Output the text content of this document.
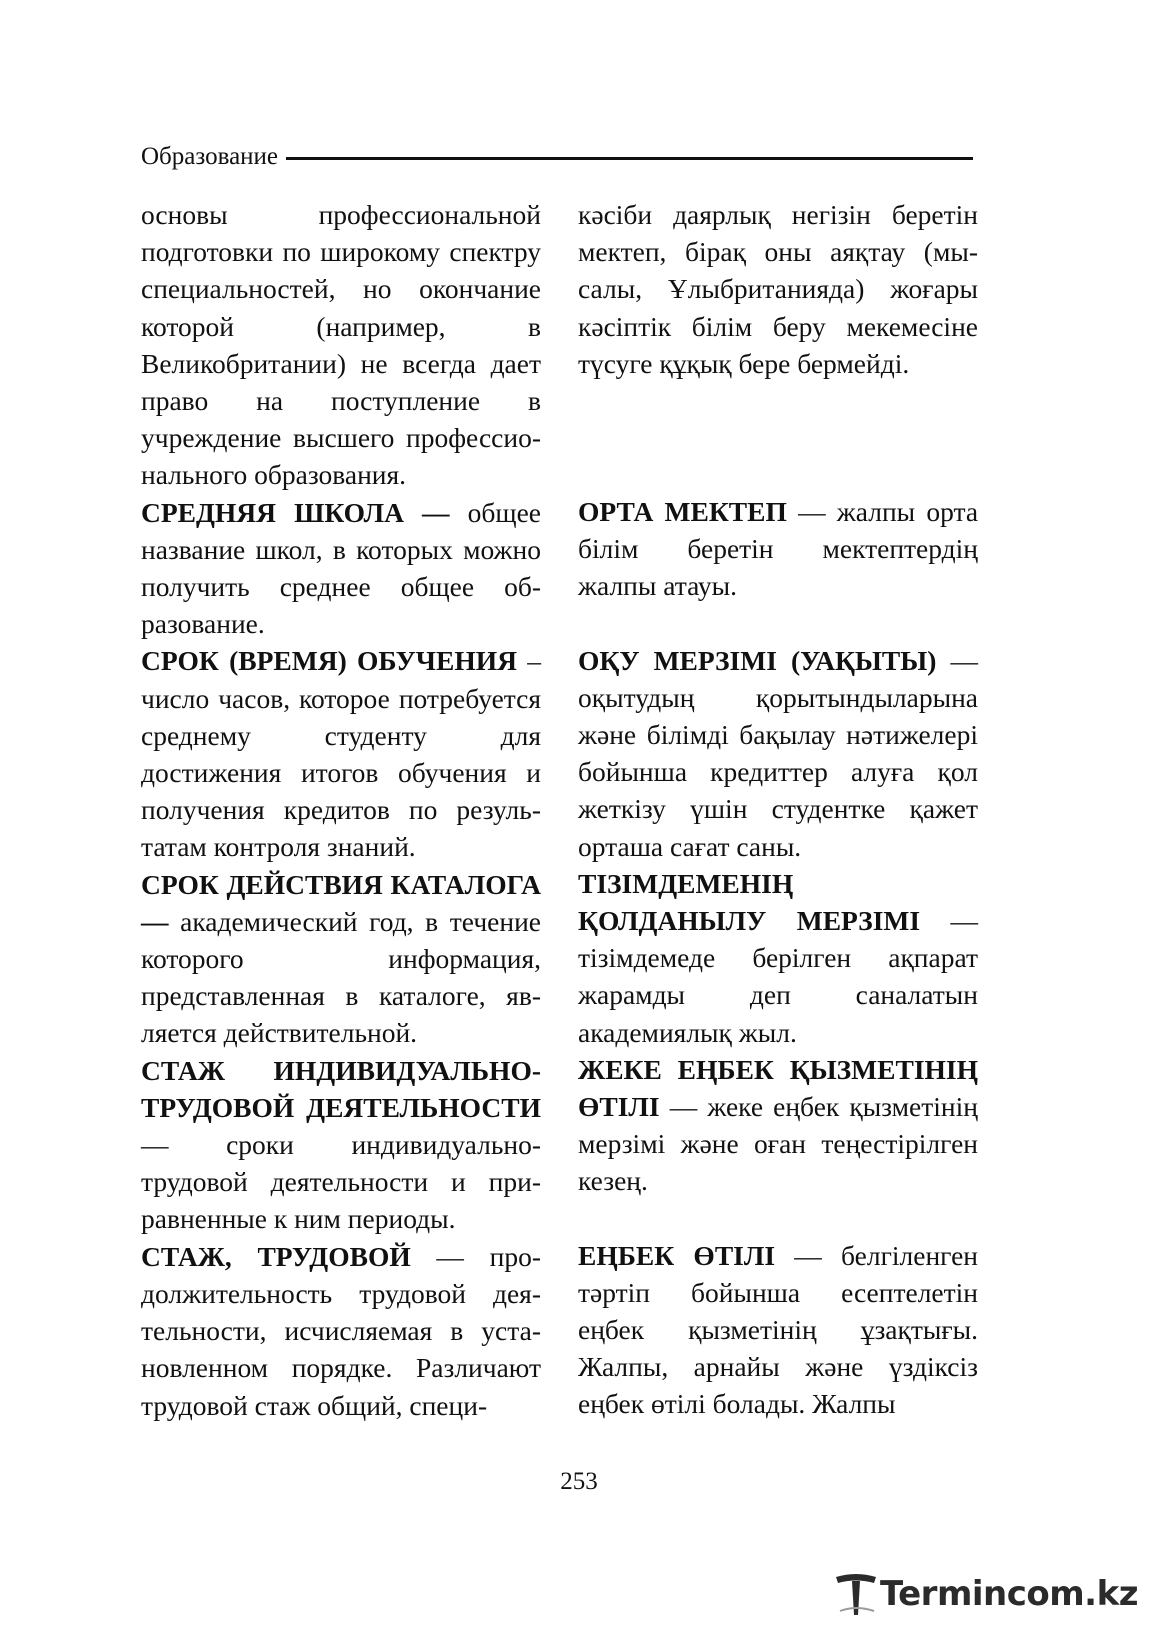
Образование

основы профессиональной подготовки по широкому спектру специальностей, но окончание которой (например, в Великобритании) не всегда дает право на поступление в учреждение высшего профессионального образования.

СРЕДНЯЯ ШКОЛА — общее название школ, в которых можно получить среднее общее образование.

СРОК (ВРЕМЯ) ОБУЧЕНИЯ – число часов, которое потребуется среднему студенту для достижения итогов обучения и получения кредитов по результатам контроля знаний.

СРОК ДЕЙСТВИЯ КАТАЛОГА — академический год, в течение которого информация, представленная в каталоге, является действительной.

СТАЖ ИНДИВИДУАЛЬНО-ТРУДОВОЙ ДЕЯТЕЛЬНОСТИ — сроки индивидуально-трудовой деятельности и приравненные к ним периоды.

СТАЖ, ТРУДОВОЙ — продолжительность трудовой деятельности, исчисляемая в установленном порядке. Различают трудовой стаж общий, специ-

кәсіби даярлық негізін беретін мектеп, бірақ оны аяқтау (мысалы, Ұлыбританияда) жоғары кәсіптік білім беру мекемесіне түсуге құқық бере бермейді.

ОРТА МЕКТЕП — жалпы орта білім беретін мектептердің жалпы атауы.

ОҚУ МЕРЗІМІ (УАҚЫТЫ) — оқытудың қорытындыларына және білімді бақылау нәтижелері бойынша кредиттер алуға қол жеткізу үшін студентке қажет орташа сағат саны.

ТІЗІМДЕМЕНІҢ ҚОЛДАНЫЛУ МЕРЗІМІ — тізімдемеде берілген ақпарат жарамды деп саналатын академиялық жыл.

ЖЕКЕ ЕҢБЕК ҚЫЗМЕТІНІҢ ӨТІЛІ — жеке еңбек қызметінің мерзімі және оған теңестірілген кезең.

ЕҢБЕК ӨТІЛІ — белгіленген тәртіп бойынша есептелетін еңбек қызметінің ұзақтығы. Жалпы, арнайы және үздіксіз еңбек өтілі болады. Жалпы

253
Termincom.kz
